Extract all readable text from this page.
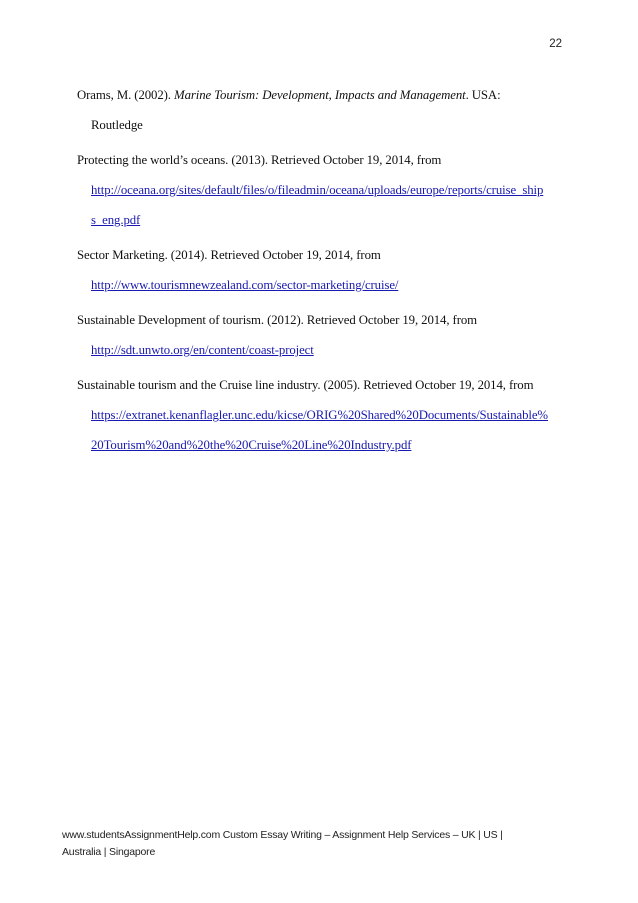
22
Orams, M. (2002). Marine Tourism: Development, Impacts and Management. USA:
Routledge
Protecting the world’s oceans. (2013). Retrieved October 19, 2014, from
http://oceana.org/sites/default/files/o/fileadmin/oceana/uploads/europe/reports/cruise_ship
s_eng.pdf
Sector Marketing. (2014). Retrieved October 19, 2014, from
http://www.tourismnewzealand.com/sector-marketing/cruise/
Sustainable Development of tourism. (2012). Retrieved October 19, 2014, from
http://sdt.unwto.org/en/content/coast-project
Sustainable tourism and the Cruise line industry. (2005). Retrieved October 19, 2014, from
https://extranet.kenanflagler.unc.edu/kicse/ORIG%20Shared%20Documents/Sustainable%
20Tourism%20and%20the%20Cruise%20Line%20Industry.pdf
www.studentsAssignmentHelp.com Custom Essay Writing – Assignment Help Services – UK | US |
Australia | Singapore
